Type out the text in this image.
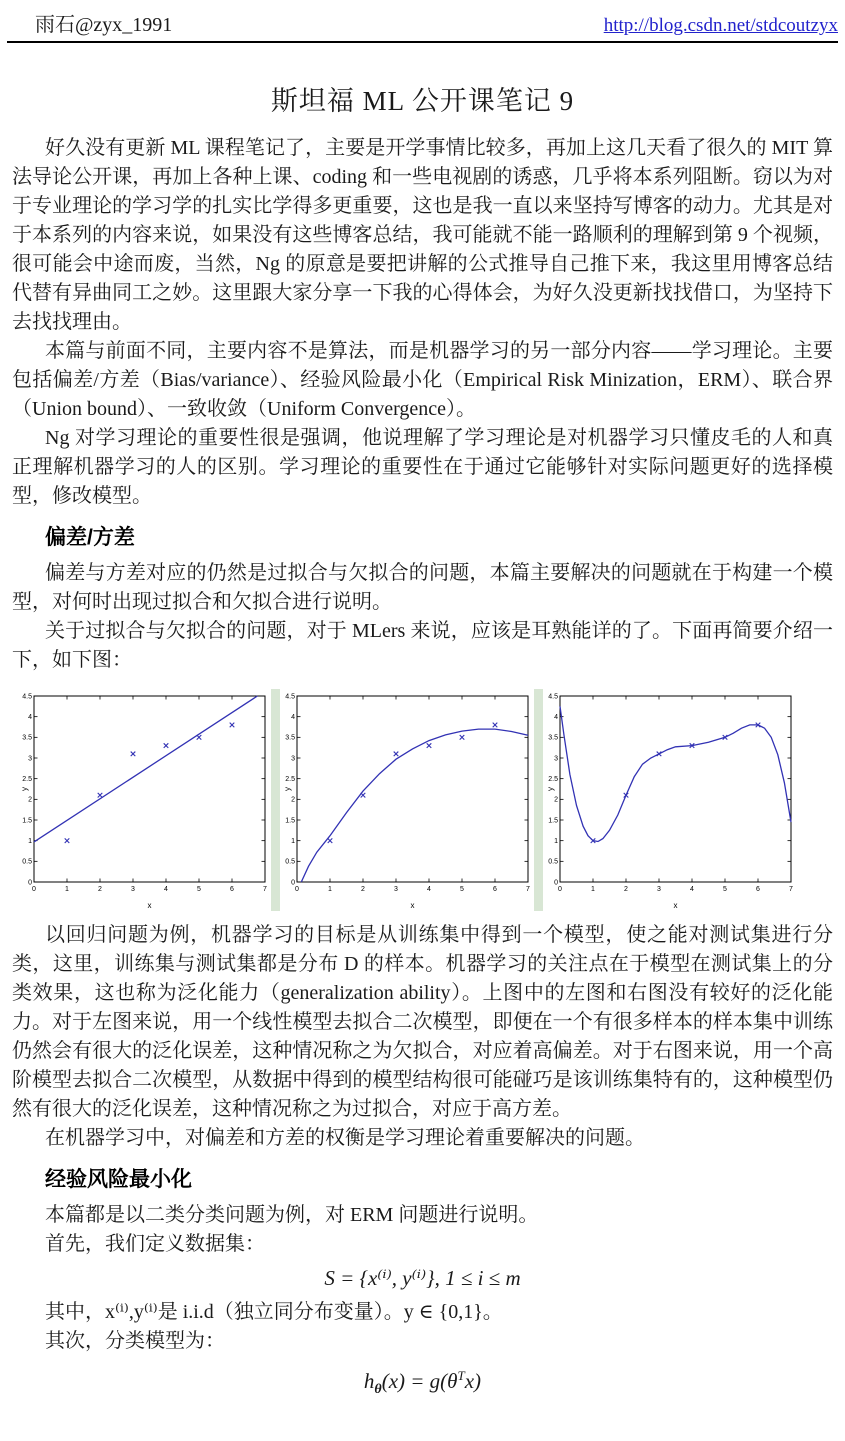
雨石@zyx_1991	http://blog.csdn.net/stdcoutzyx
斯坦福 ML 公开课笔记 9

好久没有更新 ML 课程笔记了，主要是开学事情比较多，再加上这几天看了很久的 MIT 算法导论公开课，再加上各种上课、coding 和一些电视剧的诱惑，几乎将本系列阻断。窃以为对于专业理论的学习学的扎实比学得多更重要，这也是我一直以来坚持写博客的动力。尤其是对于本系列的内容来说，如果没有这些博客总结，我可能就不能一路顺利的理解到第 9 个视频，很可能会中途而废，当然，Ng 的原意是要把讲解的公式推导自己推下来，我这里用博客总结代替有异曲同工之妙。这里跟大家分享一下我的心得体会，为好久没更新找找借口，为坚持下去找找理由。

本篇与前面不同，主要内容不是算法，而是机器学习的另一部分内容——学习理论。主要包括偏差/方差（Bias/variance）、经验风险最小化（Empirical Risk Minization，ERM）、联合界（Union bound）、一致收敛（Uniform Convergence）。

Ng 对学习理论的重要性很是强调，他说理解了学习理论是对机器学习只懂皮毛的人和真正理解机器学习的人的区别。学习理论的重要性在于通过它能够针对实际问题更好的选择模型，修改模型。

偏差/方差

偏差与方差对应的仍然是过拟合与欠拟合的问题，本篇主要解决的问题就在于构建一个模型，对何时出现过拟合和欠拟合进行说明。

关于过拟合与欠拟合的问题，对于 MLers 来说，应该是耳熟能详的了。下面再简要介绍一下，如下图：

0	1	2	3	4	5	6	7
0
0.5
1
1.5
2
2.5
3
3.5
4
4.5
x
y
0	1	2	3	4	5	6	7
0
0.5
1
1.5
2
2.5
3
3.5
4
4.5
x
y
0	1	2	3	4	5	6	7
0
0.5
1
1.5
2
2.5
3
3.5
4
4.5
x
y

以回归问题为例，机器学习的目标是从训练集中得到一个模型，使之能对测试集进行分类，这里，训练集与测试集都是分布 D 的样本。机器学习的关注点在于模型在测试集上的分类效果，这也称为泛化能力（generalization ability）。上图中的左图和右图没有较好的泛化能力。对于左图来说，用一个线性模型去拟合二次模型，即便在一个有很多样本的样本集中训练仍然会有很大的泛化误差，这种情况称之为欠拟合，对应着高偏差。对于右图来说，用一个高阶模型去拟合二次模型，从数据中得到的模型结构很可能碰巧是该训练集特有的，这种模型仍然有很大的泛化误差，这种情况称之为过拟合，对应于高方差。

在机器学习中，对偏差和方差的权衡是学习理论着重要解决的问题。

经验风险最小化

本篇都是以二类分类问题为例，对 ERM 问题进行说明。

首先，我们定义数据集：

S = {x⁽ⁱ⁾, y⁽ⁱ⁾}, 1 ≤ i ≤ m

其中，x⁽ⁱ⁾,y⁽ⁱ⁾是 i.i.d（独立同分布变量）。y ∈ {0,1}。

其次，分类模型为：

$h_\theta(x) = g(\theta^Tx)$
